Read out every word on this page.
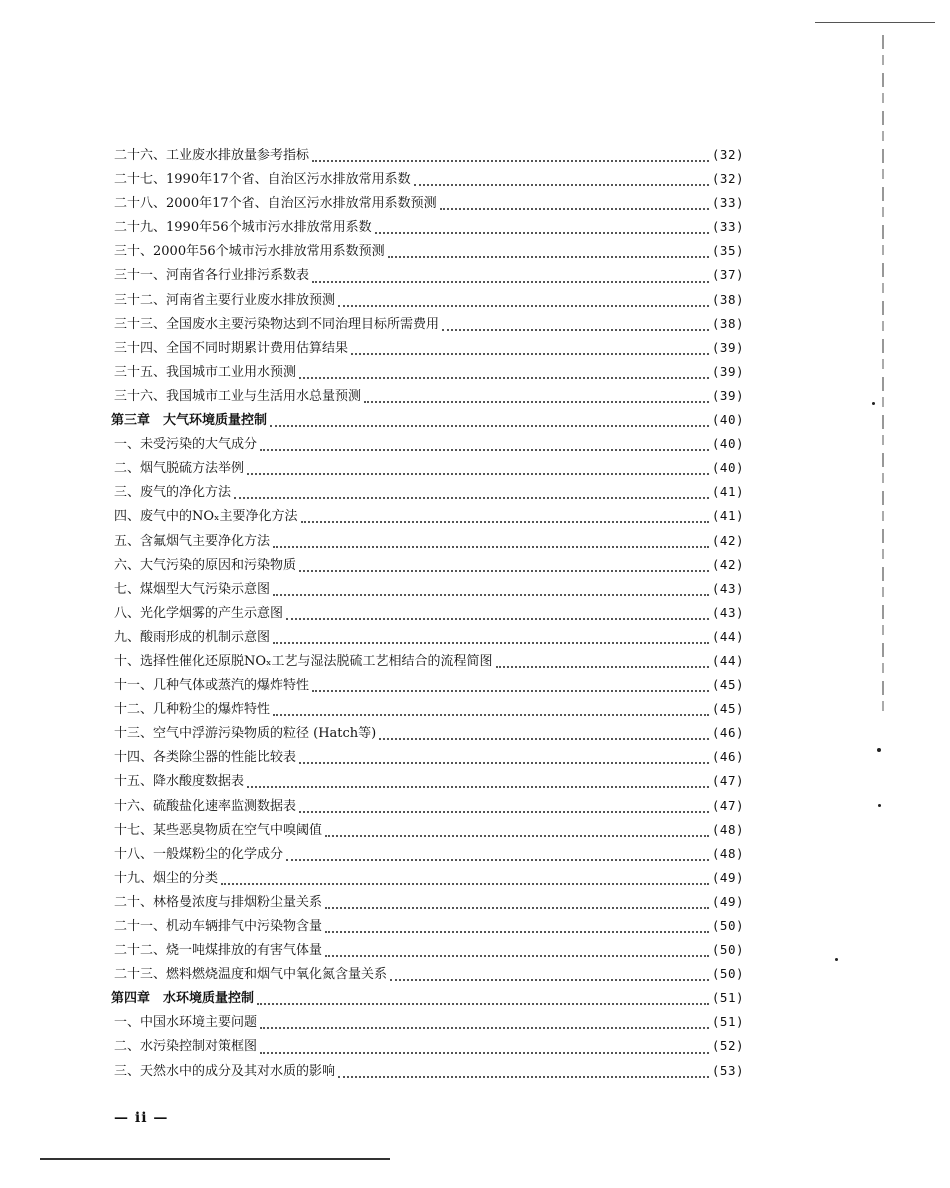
二十六、工业废水排放量参考指标	(32)
二十七、1990年17个省、自治区污水排放常用系数	(32)
二十八、2000年17个省、自治区污水排放常用系数预测	(33)
二十九、1990年56个城市污水排放常用系数	(33)
三十、2000年56个城市污水排放常用系数预测	(35)
三十一、河南省各行业排污系数表	(37)
三十二、河南省主要行业废水排放预测	(38)
三十三、全国废水主要污染物达到不同治理目标所需费用	(38)
三十四、全国不同时期累计费用估算结果	(39)
三十五、我国城市工业用水预测	(39)
三十六、我国城市工业与生活用水总量预测	(39)
第三章　大气环境质量控制	(40)
一、未受污染的大气成分	(40)
二、烟气脱硫方法举例	(40)
三、废气的净化方法	(41)
四、废气中的NOₓ主要净化方法	(41)
五、含氟烟气主要净化方法	(42)
六、大气污染的原因和污染物质	(42)
七、煤烟型大气污染示意图	(43)
八、光化学烟雾的产生示意图	(43)
九、酸雨形成的机制示意图	(44)
十、选择性催化还原脱NOₓ工艺与湿法脱硫工艺相结合的流程简图	(44)
十一、几种气体或蒸汽的爆炸特性	(45)
十二、几种粉尘的爆炸特性	(45)
十三、空气中浮游污染物质的粒径 (Hatch等)	(46)
十四、各类除尘器的性能比较表	(46)
十五、降水酸度数据表	(47)
十六、硫酸盐化速率监测数据表	(47)
十七、某些恶臭物质在空气中嗅阈值	(48)
十八、一般煤粉尘的化学成分	(48)
十九、烟尘的分类	(49)
二十、林格曼浓度与排烟粉尘量关系	(49)
二十一、机动车辆排气中污染物含量	(50)
二十二、烧一吨煤排放的有害气体量	(50)
二十三、燃料燃烧温度和烟气中氧化氮含量关系	(50)
第四章　水环境质量控制	(51)
一、中国水环境主要问题	(51)
二、水污染控制对策框图	(52)
三、天然水中的成分及其对水质的影响	(53)
— ii —
